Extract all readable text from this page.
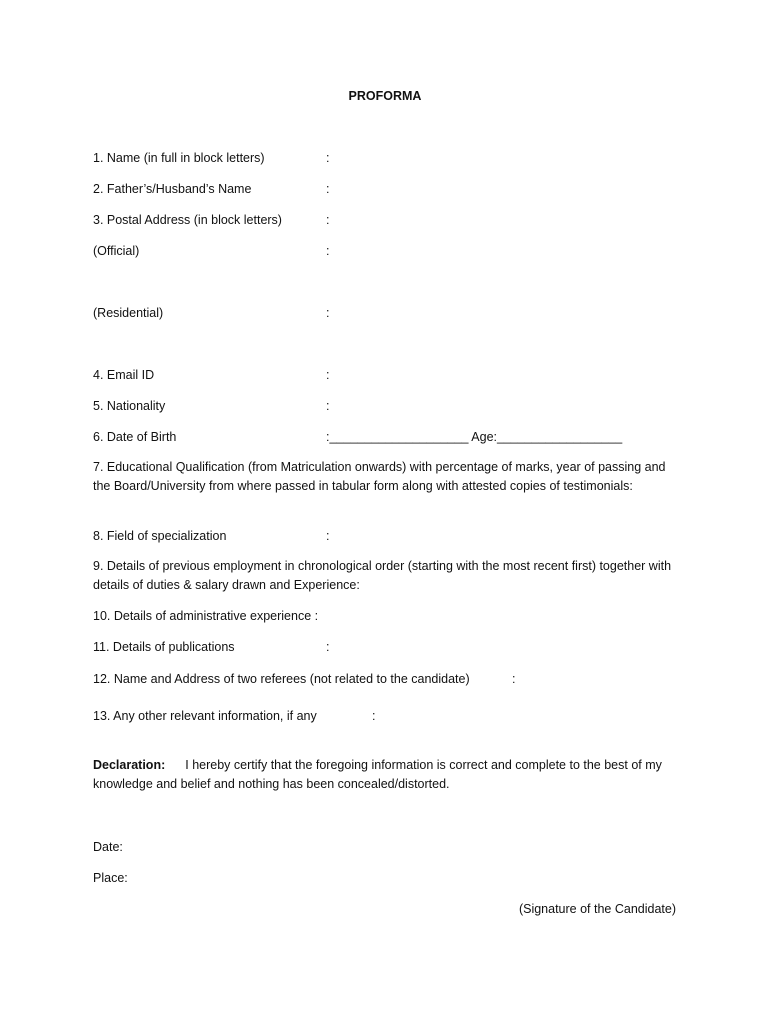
PROFORMA
1. Name (in full in block letters)	:
2. Father’s/Husband’s Name	:
3. Postal Address (in block letters)	:
(Official)	:
(Residential)	:
4. Email ID	:
5. Nationality	:
6. Date of Birth	:____________________ Age:__________________
7. Educational Qualification (from Matriculation onwards) with percentage of marks, year of passing and the Board/University from where passed in tabular form along with attested copies of testimonials:
8. Field of specialization	:
9. Details of previous employment in chronological order (starting with the most recent first) together with details of duties & salary drawn and Experience:
10. Details of administrative experience :
11. Details of publications	:
12. Name and Address of two referees (not related to the candidate)	:
13. Any other relevant information, if any	:
Declaration: I hereby certify that the foregoing information is correct and complete to the best of my knowledge and belief and nothing has been concealed/distorted.
Date:
Place:
(Signature of the Candidate)
